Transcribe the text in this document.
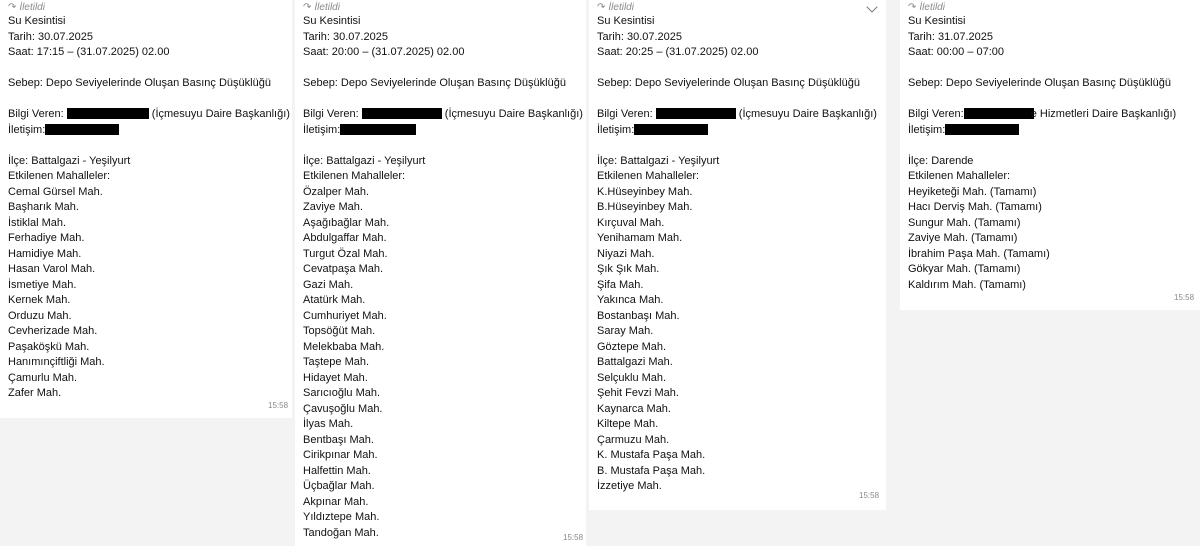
↷ İletildi
Su Kesintisi
Tarih: 30.07.2025
Saat: 17:15 – (31.07.2025) 02.00
Sebep: Depo Seviyelerinde Oluşan Basınç Düşüklüğü
Bilgi Veren:	(İçmesuyu Daire Başkanlığı)
İletişim:
İlçe: Battalgazi - Yeşilyurt
Etkilenen Mahalleler:
Cemal Gürsel Mah.
Başharık Mah.
İstiklal Mah.
Ferhadiye Mah.
Hamidiye Mah.
Hasan Varol Mah.
İsmetiye Mah.
Kernek Mah.
Orduzu Mah.
Cevherizade Mah.
Paşaköşkü Mah.
Hanımınçiftliği Mah.
Çamurlu Mah.
Zafer Mah.
15:58
↷ İletildi
Su Kesintisi
Tarih: 30.07.2025
Saat: 20:00 – (31.07.2025) 02.00
Sebep: Depo Seviyelerinde Oluşan Basınç Düşüklüğü
Bilgi Veren:	(İçmesuyu Daire Başkanlığı)
İletişim:
İlçe: Battalgazi - Yeşilyurt
Etkilenen Mahalleler:
Özalper Mah.
Zaviye Mah.
Aşağıbağlar Mah.
Abdulgaffar Mah.
Turgut Özal Mah.
Cevatpaşa Mah.
Gazi Mah.
Atatürk Mah.
Cumhuriyet Mah.
Topsöğüt Mah.
Melekbaba Mah.
Taştepe Mah.
Hidayet Mah.
Sarıcıoğlu Mah.
Çavuşoğlu Mah.
İlyas Mah.
Bentbaşı Mah.
Cirikpınar Mah.
Halfettin Mah.
Üçbağlar Mah.
Akpınar Mah.
Yıldıztepe Mah.
Tandoğan Mah.	15:58
↷ İletildi
Su Kesintisi
Tarih: 30.07.2025
Saat: 20:25 – (31.07.2025) 02.00
Sebep: Depo Seviyelerinde Oluşan Basınç Düşüklüğü
Bilgi Veren:	(İçmesuyu Daire Başkanlığı)
İletişim:
İlçe: Battalgazi - Yeşilyurt
Etkilenen Mahalleler:
K.Hüseyinbey Mah.
B.Hüseyinbey Mah.
Kırçuval Mah.
Yenihamam Mah.
Niyazi Mah.
Şık Şık Mah.
Şifa Mah.
Yakınca Mah.
Bostanbaşı Mah.
Saray Mah.
Göztepe Mah.
Battalgazi Mah.
Selçuklu Mah.
Şehit Fevzi Mah.
Kaynarca Mah.
Kiltepe Mah.
Çarmuzu Mah.
K. Mustafa Paşa Mah.
B. Mustafa Paşa Mah.
İzzetiye Mah.
15:58
↷ İletildi
Su Kesintisi
Tarih: 31.07.2025
Saat: 00:00 – 07:00
Sebep: Depo Seviyelerinde Oluşan Basınç Düşüklüğü
Bilgi Veren:	e Hizmetleri Daire Başkanlığı)
İletişim:
İlçe: Darende
Etkilenen Mahalleler:
Heyiketeği Mah. (Tamamı)
Hacı Derviş Mah. (Tamamı)
Sungur Mah. (Tamamı)
Zaviye Mah. (Tamamı)
İbrahim Paşa Mah. (Tamamı)
Gökyar Mah. (Tamamı)
Kaldırım Mah. (Tamamı)
15:58
